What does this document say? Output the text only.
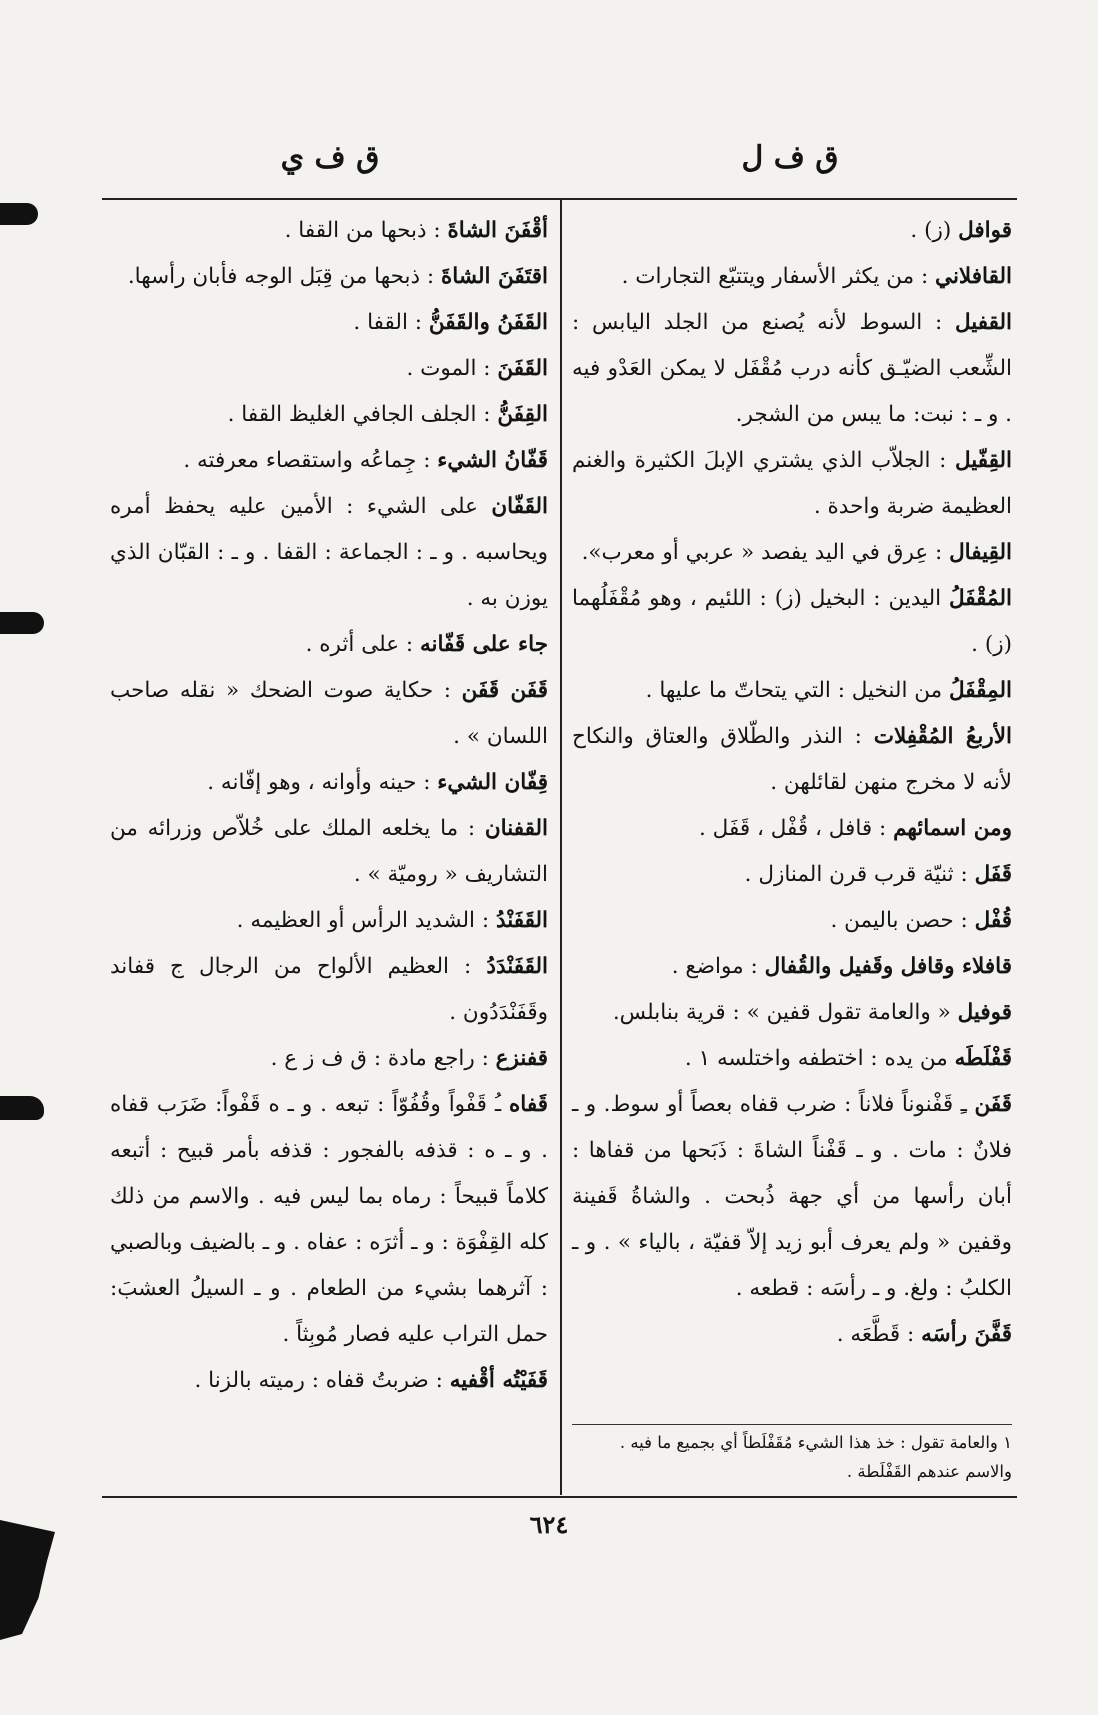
ق ف ل
ق ف ي

قوافل (ز) .

القافلاني : من يكثر الأسفار ويتتبّع التجارات .

القفيل : السوط لأنه يُصنع من الجلد اليابس : الشِّعب الضيّـق كأنه درب مُقْفَل لا يمكن العَدْو فيه . و ـ : نبت: ما يبس من الشجر.

القِفّيل : الجلاّب الذي يشتري الإبلَ الكثيرة والغنم العظيمة ضربة واحدة .

القِيفال : عِرق في اليد يفصد « عربي أو معرب».

المُقْفَلُ اليدين : البخيل (ز) : اللئيم ، وهو مُقْفَلُهما (ز) .

المِقْفَلُ من النخيل : التي يتحاتّ ما عليها .

الأربعُ المُقْفِلات : النذر والطّلاق والعتاق والنكاح لأنه لا مخرج منهن لقائلهن .

ومن اسمائهم : قافل ، قُفْل ، قَفَل .

قَفَل : ثنيّة قرب قرن المنازل .

قُفْل : حصن باليمن .

قافلاء وقافل وقَفيل والقُفال : مواضع .

قوفيل « والعامة تقول قفين » : قرية بنابلس.

قَفْلَطَه من يده : اختطفه واختلسه ١ .

قَفَن ـِ قَفْنوناً فلاناً : ضرب قفاه بعصاً أو سوط. و ـ فلانٌ : مات . و ـ قَفْناً الشاةَ : ذَبَحها من قفاها : أبان رأسها من أي جهة ذُبحت . والشاةُ قَفينة وقفين « ولم يعرف أبو زيد إلاّ قفيّة ، بالياء » . و ـ الكلبُ : ولغ. و ـ رأسَه : قطعه .

قَفَّنَ رأسَه : قَطَّعَه .

١ والعامة تقول : خذ هذا الشيء مُقَفْلَطاً أي بجميع ما فيه . والاسم عندهم القَفْلَطة .

أقْفَنَ الشاةَ : ذبحها من القفا .

اقتَفَنَ الشاةَ : ذبحها من قِبَل الوجه فأبان رأسها.

القَفَنُ والقَفَنُّ : القفا .

القَفَنَ : الموت .

القِفَنُّ : الجلف الجافي الغليظ القفا .

قَفّانُ الشيء : جِماعُه واستقصاء معرفته .

القَفّان على الشيء : الأمين عليه يحفظ أمره ويحاسبه . و ـ : الجماعة : القفا . و ـ : القبّان الذي يوزن به .

جاء على قَفّانه : على أثره .

قَفَن قَفَن : حكاية صوت الضحك « نقله صاحب اللسان » .

قِفّان الشيء : حينه وأوانه ، وهو إفّانه .

القفنان : ما يخلعه الملك على خُلاّص وزرائه من التشاريف « روميّة » .

القَفَنْدُ : الشديد الرأس أو العظيمه .

القَفَنْدَدُ : العظيم الألواح من الرجال ج قفاند وقَفَنْدَدُون .

قفنزع : راجع مادة : ق ف ز ع .

قَفاه ـُ قَفْواً وقُفُوّاً : تبعه . و ـ ه قَفْواً: ضَرَب قفاه . و ـ ه : قذفه بالفجور : قذفه بأمر قبيح : أتبعه كلاماً قبيحاً : رماه بما ليس فيه . والاسم من ذلك كله القِفْوَة : و ـ أثرَه : عفاه . و ـ بالضيف وبالصبي : آثرهما بشيء من الطعام . و ـ السيلُ العشبَ: حمل التراب عليه فصار مُوبِثاً .

قَفَيْتُه أقْفيه : ضربتُ قفاه : رميته بالزنا .

٦٢٤
